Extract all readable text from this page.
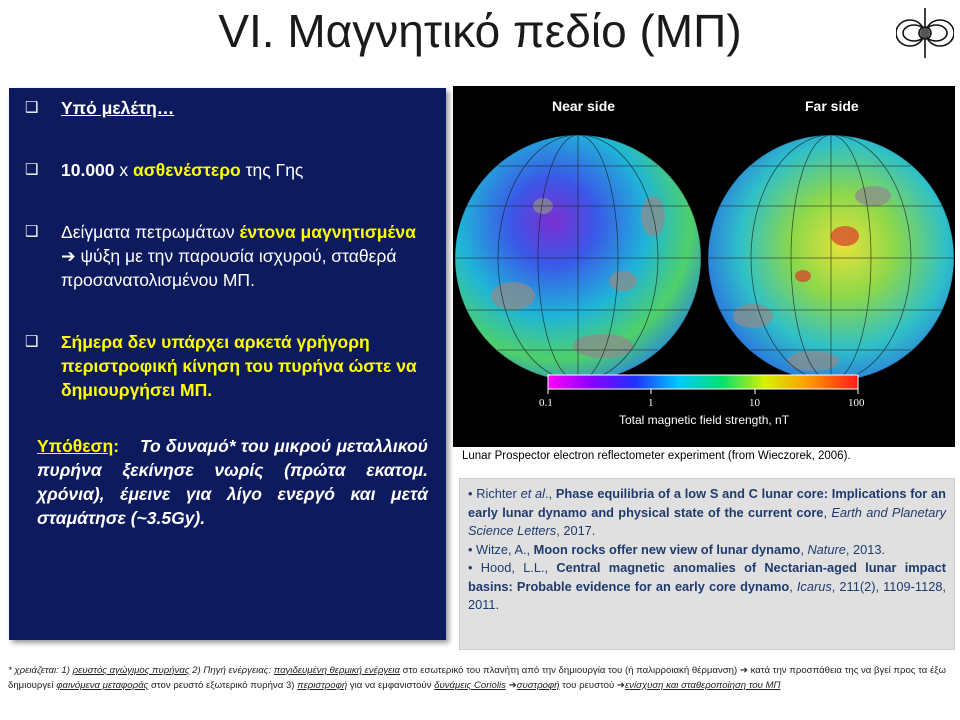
VI. Μαγνητικό πεδίο (ΜΠ)
❑ Υπό μελέτη…
❑ 10.000 x ασθενέστερο της Γης
❑ Δείγματα πετρωμάτων έντονα μαγνητισμένα ➔ ψύξη με την παρουσία ισχυρού, σταθερά προσανατολισμένου ΜΠ.
❑ Σήμερα δεν υπάρχει αρκετά γρήγορη περιστροφική κίνηση του πυρήνα ώστε να δημιουργήσει ΜΠ.
Υπόθεση: Το δυναμό* του μικρού μεταλλικού πυρήνα ξεκίνησε νωρίς (πρώτα εκατομ. χρόνια), έμεινε για λίγο ενεργό και μετά σταμάτησε (~3.5Gy).
Near side	Far side
0.1	1	10	100
Total magnetic field strength, nT
Lunar Prospector electron reflectometer experiment (from Wieczorek, 2006).

• Richter et al., Phase equilibria of a low S and C lunar core: Implications for an early lunar dynamo and physical state of the current core, Earth and Planetary Science Letters, 2017.

• Witze, A., Moon rocks offer new view of lunar dynamo, Nature, 2013.

• Hood, L.L., Central magnetic anomalies of Nectarian-aged lunar impact basins: Probable evidence for an early core dynamo, Icarus, 211(2), 1109-1128, 2011.

* χρειάζεται: 1) ρευστός αγώγιμος πυρήνας 2) Πηγή ενέργειας: παγιδευμένη θερμική ενέργεια στο εσωτερικό του πλανήτη από την δημιουργία του (ή παλιρροιακή θέρμανση) ➔ κατά την προσπάθεια της να βγεί προς τα έξω δημιουργεί φαινόμενα μεταφοράς στον ρευστό εξωτερικό πυρήνα 3) περιστροφή για να εμφανιστούν δυνάμεις Coriolis ➔συστροφή του ρευστού ➔ενίσχυση και σταθεροποίηση του ΜΠ
